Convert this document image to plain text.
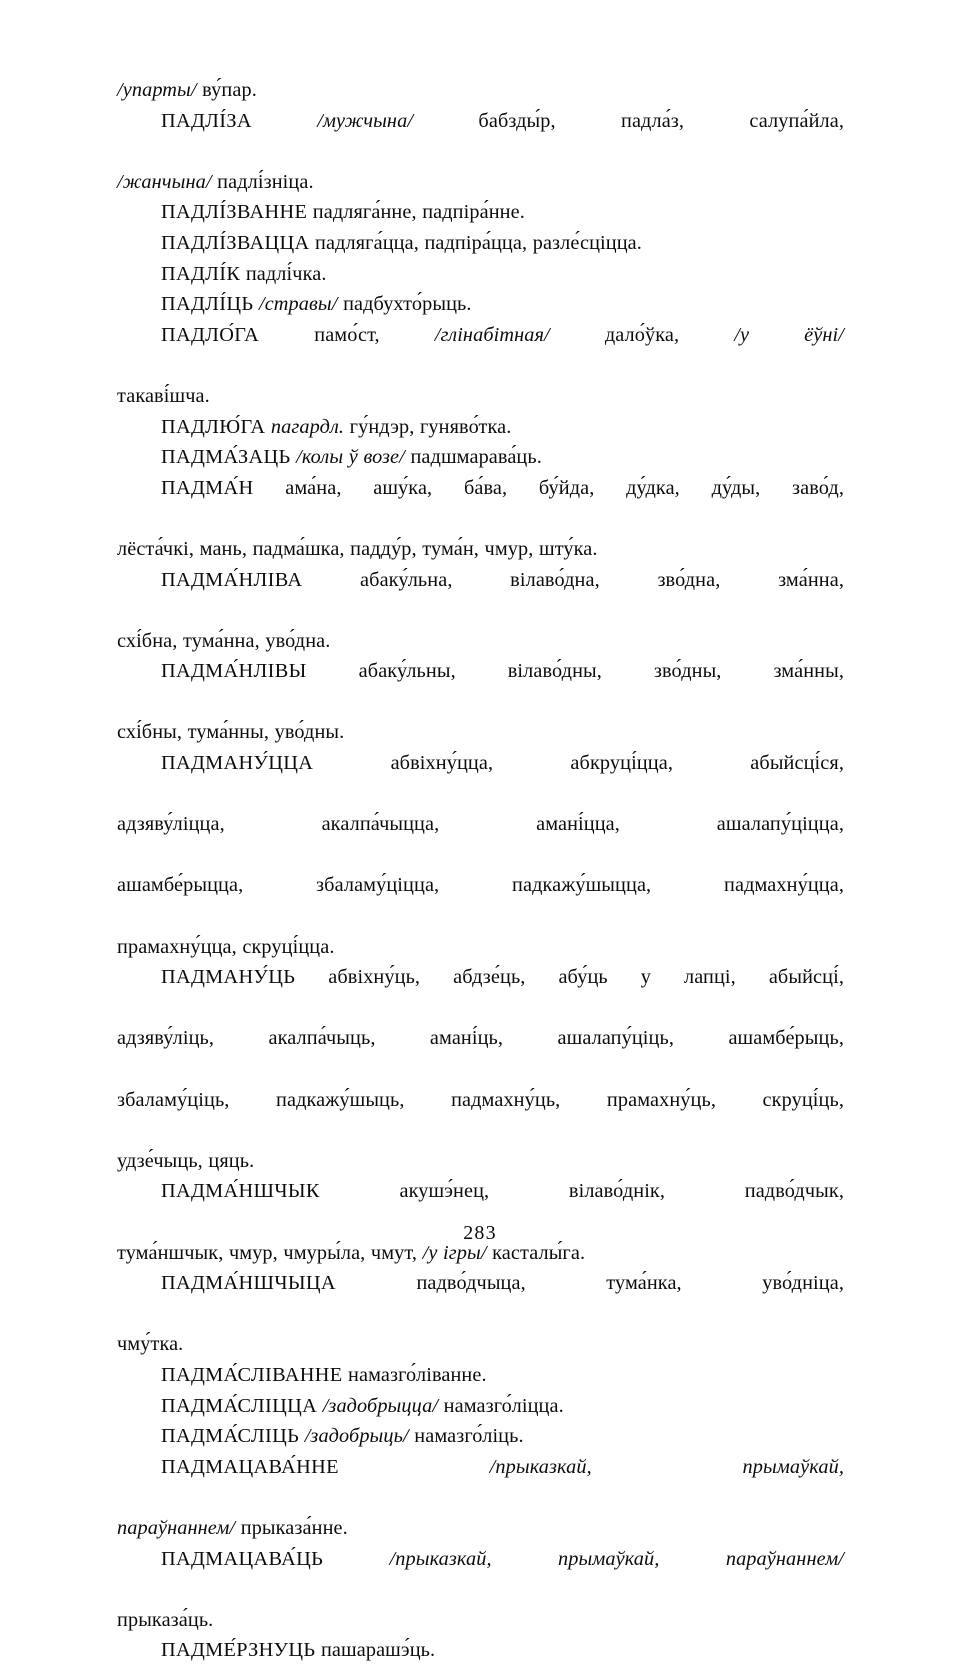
/упарты/ ву́пар.
ПАДЛІ́ЗА /мужчына/ бабзды́р, падла́з, салупа́йла,
/жанчына/ падлі́зніца.
ПАДЛІ́ЗВАННЕ падляга́нне, падпіра́нне.
ПАДЛІ́ЗВАЦЦА падляга́цца, падпіра́цца, разле́сціцца.
ПАДЛІ́К падлі́чка.
ПАДЛІ́ЦЬ /стравы/ падбухто́рыць.
ПАДЛО́ГА памо́ст, /глінабітная/ дало́ўка, /у ёўні/
такаві́шча.
ПАДЛЮ́ГА пагардл. гу́ндэр, гуняво́тка.
ПАДМА́ЗАЦЬ /колы ў возе/ падшмарава́ць.
ПАДМА́Н ама́на, ашу́ка, ба́ва, бу́йда, ду́дка, ду́ды, заво́д,
лёста́чкі, мань, падма́шка, падду́р, тума́н, чмур, шту́ка.
ПАДМА́НЛІВА абаку́льна, вілаво́дна, зво́дна, зма́нна,
схі́бна, тума́нна, уво́дна.
ПАДМА́НЛІВЫ абаку́льны, вілаво́дны, зво́дны, зма́нны,
схі́бны, тума́нны, уво́дны.
ПАДМАНУ́ЦЦА абвіхну́цца, абкруці́цца, абыйсці́ся,
адзяву́ліцца, акалпа́чыцца, амані́цца, ашалапу́ціцца,
ашамбе́рыцца, збаламу́ціцца, падкажу́шыцца, падмахну́цца,
прамахну́цца, скруці́цца.
ПАДМАНУ́ЦЬ абвіхну́ць, абдзе́ць, абу́ць у лапці, абыйсці́,
адзяву́ліць, акалпа́чыць, амані́ць, ашалапу́ціць, ашамбе́рыць,
збаламу́ціць, падкажу́шыць, падмахну́ць, прамахну́ць, скруці́ць,
удзе́чыць, цяць.
ПАДМА́НШЧЫК акушэ́нец, вілаво́днік, падво́дчык,
тума́ншчык, чмур, чмуры́ла, чмут, /у ігры/ касталы́га.
ПАДМА́НШЧЫЦА падво́дчыца, тума́нка, уво́дніца,
чму́тка.
ПАДМА́СЛІВАННЕ намазго́ліванне.
ПАДМА́СЛІЦЦА /задобрыцца/ намазго́ліцца.
ПАДМА́СЛІЦЬ /задобрыць/ намазго́ліць.
ПАДМАЦАВА́ННЕ /прыказкай, прымаўкай,
параўнаннем/ прыказа́нне.
ПАДМАЦАВА́ЦЬ /прыказкай, прымаўкай, параўнаннем/
прыказа́ць.
ПАДМЕ́РЗНУЦЬ пашарашэ́ць.
283
